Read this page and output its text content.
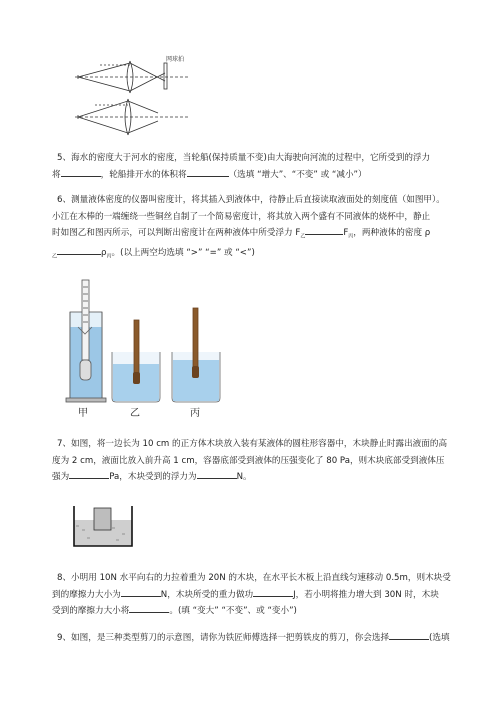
网球拍
5、海水的密度大于河水的密度，当轮船(保持质量不变)由大海驶向河流的过程中，它所受到的浮力
将	，轮船排开水的体积将	（选填 “增大”、“不变” 或 “减小”）
6、测量液体密度的仪器叫密度计，将其插入到液体中，待静止后直接读取液面处的刻度值（如图甲）。
小江在木棒的一端缠绕一些铜丝自制了一个简易密度计，将其放入两个盛有不同液体的烧杯中，静止
时如图乙和图丙所示，可以判断出密度计在两种液体中所受浮力 $F_乙$	$F_丙$，两种液体的密度 ρ
$_乙$	$\rho_丙$。(以上两空均选填 “>” “=” 或 “<”)
甲	乙	丙
7、如图，将一边长为 10 cm 的正方体木块放入装有某液体的圆柱形容器中，木块静止时露出液面的高
度为 2 cm，液面比放入前升高 1 cm，容器底部受到液体的压强变化了 80 Pa，则木块底部受到液体压
强为	Pa，木块受到的浮力为	N。
8、小明用 10N 水平向右的力拉着重为 20N 的木块，在水平长木板上沿直线匀速移动 0.5m，则木块受
到的摩擦力大小为	N，木块所受的重力做功	J，若小明将推力增大到 30N 时，木块
受到的摩擦力大小将	。(填 “变大” “不变”、或 “变小”)
9、如图，是三种类型剪刀的示意图，请你为铁匠师傅选择一把剪铁皮的剪刀，你会选择	(选填
